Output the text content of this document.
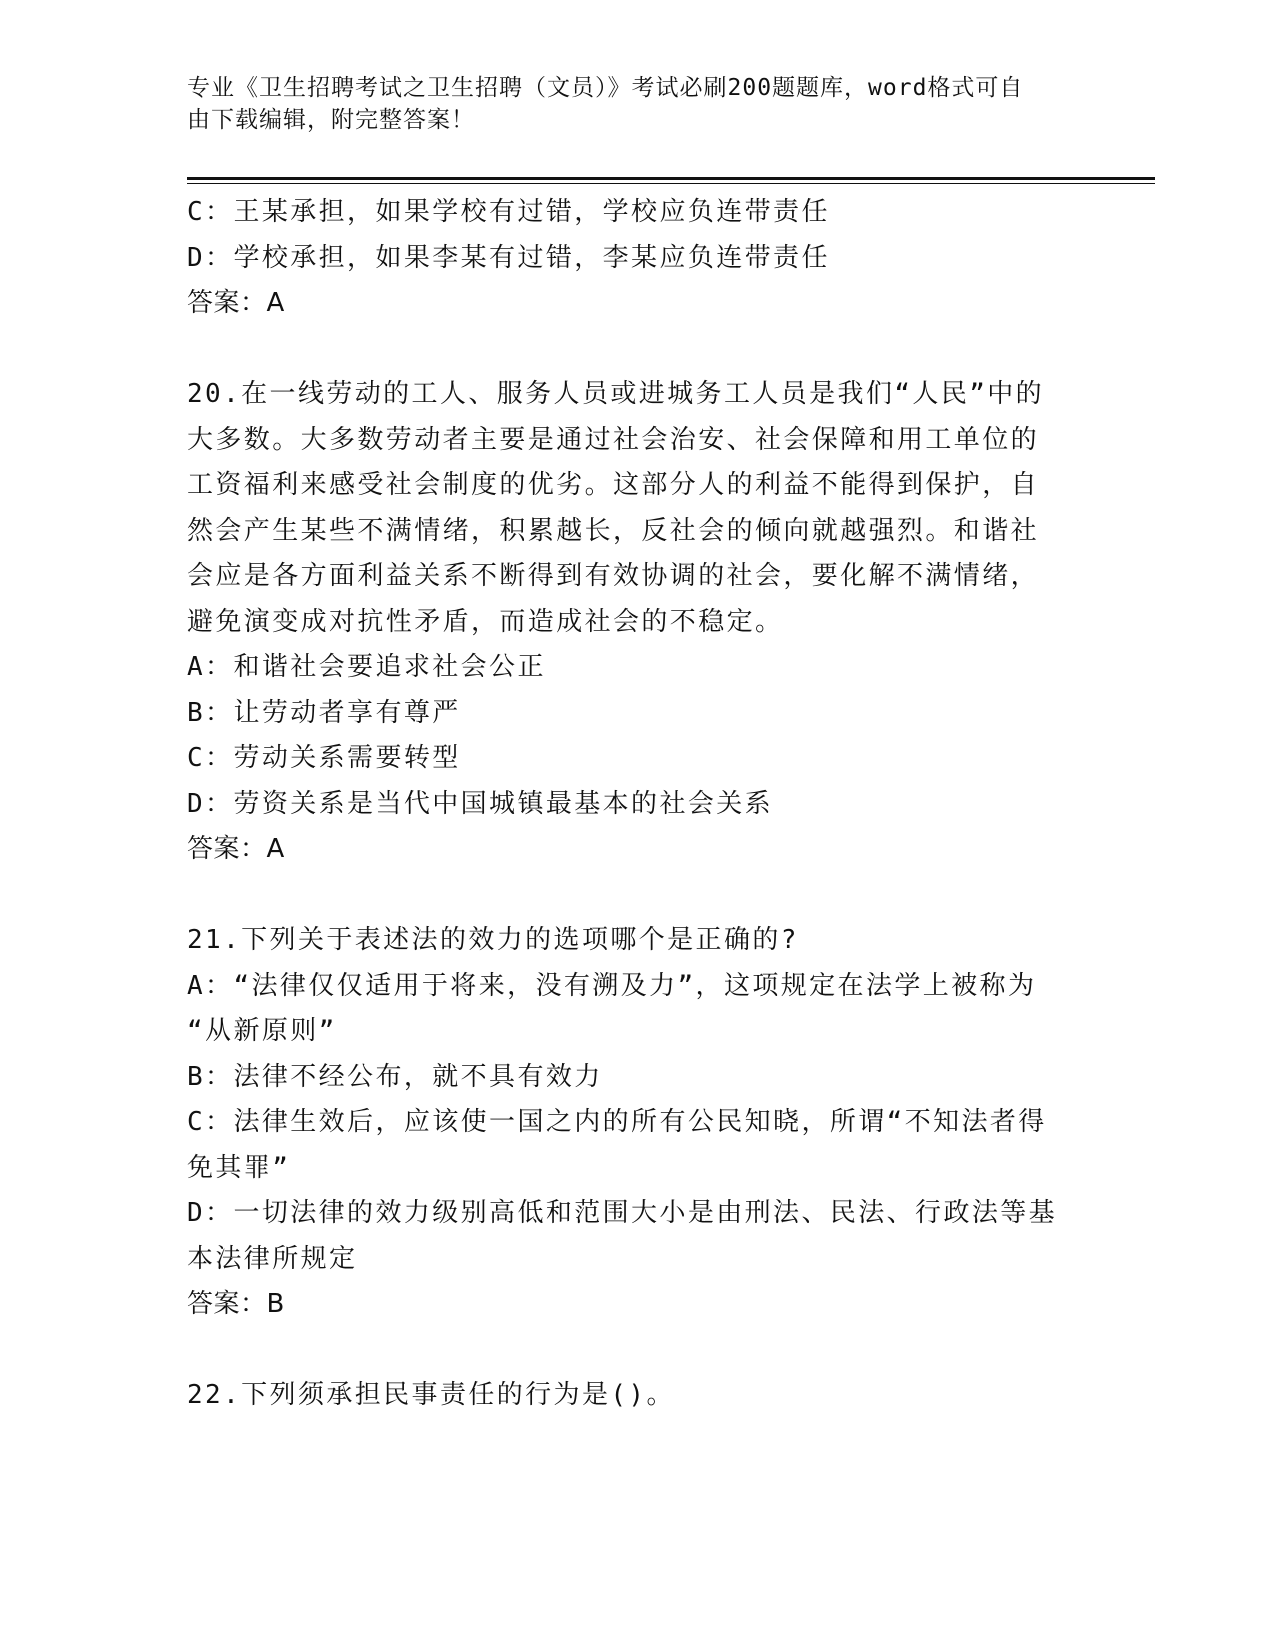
专业《卫生招聘考试之卫生招聘（文员）》考试必刷200题题库，word格式可自
由下载编辑，附完整答案！
C：王某承担，如果学校有过错，学校应负连带责任
D：学校承担，如果李某有过错，李某应负连带责任
答案：A
20.在一线劳动的工人、服务人员或进城务工人员是我们“人民”中的
大多数。大多数劳动者主要是通过社会治安、社会保障和用工单位的
工资福利来感受社会制度的优劣。这部分人的利益不能得到保护，自
然会产生某些不满情绪，积累越长，反社会的倾向就越强烈。和谐社
会应是各方面利益关系不断得到有效协调的社会，要化解不满情绪，
避免演变成对抗性矛盾，而造成社会的不稳定。
A：和谐社会要追求社会公正
B：让劳动者享有尊严
C：劳动关系需要转型
D：劳资关系是当代中国城镇最基本的社会关系
答案：A
21.下列关于表述法的效力的选项哪个是正确的?
A：“法律仅仅适用于将来，没有溯及力”，这项规定在法学上被称为
“从新原则”
B：法律不经公布，就不具有效力
C：法律生效后，应该使一国之内的所有公民知晓，所谓“不知法者得
免其罪”
D：一切法律的效力级别高低和范围大小是由刑法、民法、行政法等基
本法律所规定
答案：B
22.下列须承担民事责任的行为是()。
